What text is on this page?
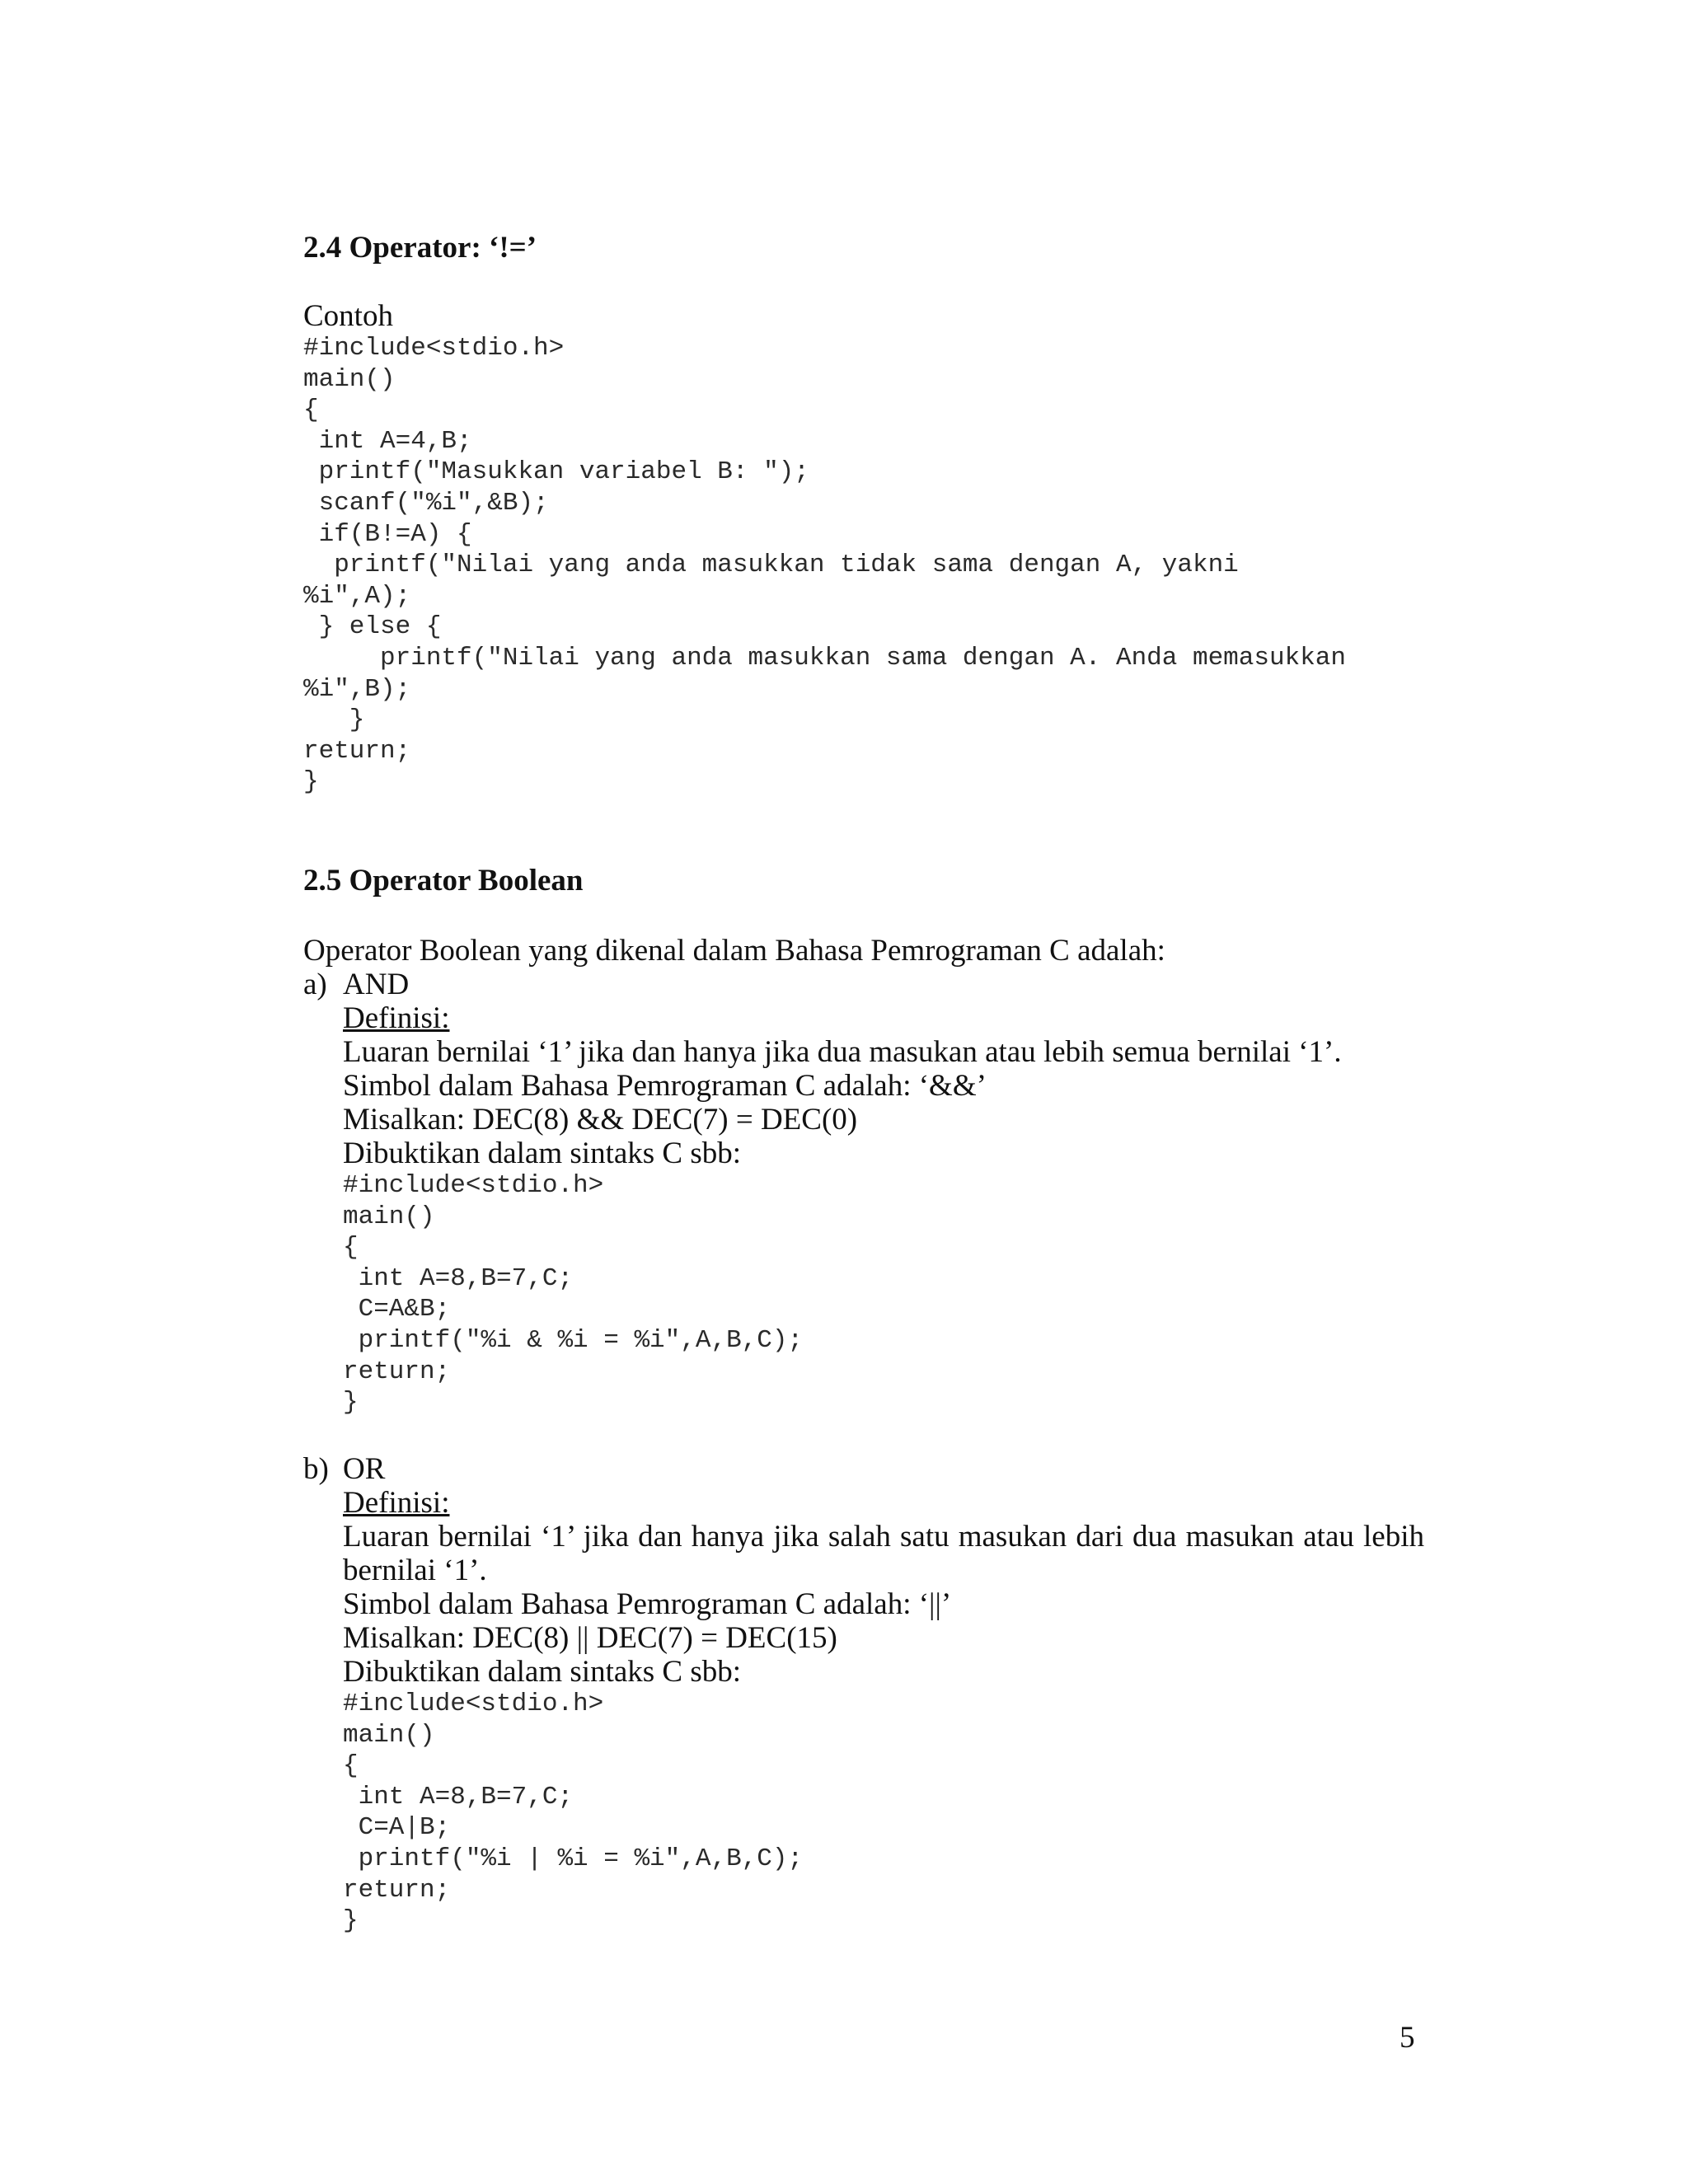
2.4 Operator: ‘!=’
Contoh
#include<stdio.h>
main()
{
int A=4,B;
printf("Masukkan variabel B: ");
scanf("%i",&B);
if(B!=A) {
printf("Nilai yang anda masukkan tidak sama dengan A, yakni
%i",A);
} else {
printf("Nilai yang anda masukkan sama dengan A. Anda memasukkan
%i",B);
}
return;
}
2.5 Operator Boolean
Operator Boolean yang dikenal dalam Bahasa Pemrograman C adalah:
a) AND
Definisi:
Luaran bernilai ‘1’ jika dan hanya jika dua masukan atau lebih semua bernilai ‘1’.
Simbol dalam Bahasa Pemrograman C adalah: ‘&&’
Misalkan: DEC(8) && DEC(7) = DEC(0)
Dibuktikan dalam sintaks C sbb:
#include<stdio.h>
main()
{
int A=8,B=7,C;
C=A&B;
printf("%i & %i = %i",A,B,C);
return;
}
b) OR
Definisi:
Luaran bernilai ‘1’ jika dan hanya jika salah satu masukan dari dua masukan atau lebih bernilai ‘1’.
Simbol dalam Bahasa Pemrograman C adalah: ‘||’
Misalkan: DEC(8) || DEC(7) = DEC(15)
Dibuktikan dalam sintaks C sbb:
#include<stdio.h>
main()
{
int A=8,B=7,C;
C=A|B;
printf("%i | %i = %i",A,B,C);
return;
}
5
